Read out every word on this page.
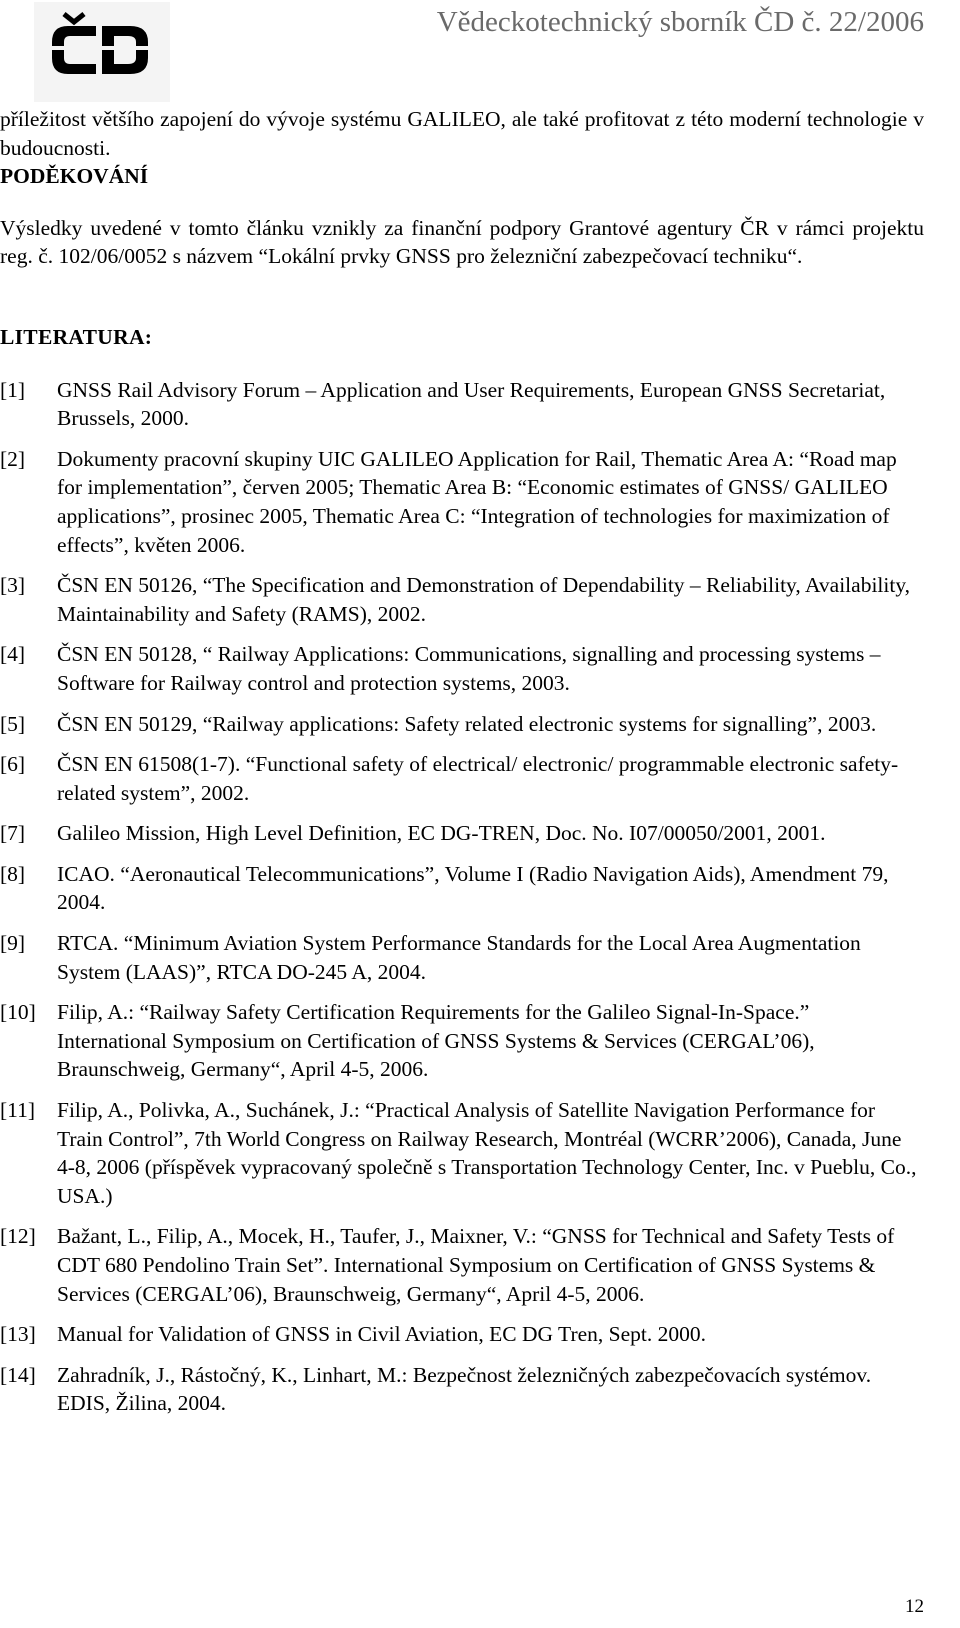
Vědeckotechnický sborník ČD č. 22/2006

příležitost většího zapojení do vývoje systému GALILEO, ale také profitovat z této moderní technologie v budoucnosti.

PODĚKOVÁNÍ

Výsledky uvedené v tomto článku vznikly za finanční podpory Grantové agentury ČR v rámci projektu reg. č. 102/06/0052 s názvem “Lokální prvky GNSS pro železniční zabezpečovací techniku“.

LITERATURA:

[1] GNSS Rail Advisory Forum – Application and User Requirements, European GNSS Secretariat, Brussels, 2000.
[2] Dokumenty pracovní skupiny UIC GALILEO Application for Rail, Thematic Area A: “Road map for implementation”, červen 2005; Thematic Area B: “Economic estimates of GNSS/ GALILEO applications”, prosinec 2005, Thematic Area C: “Integration of technologies for maximization of effects”, květen 2006.
[3] ČSN EN 50126, “The Specification and Demonstration of Dependability – Reliability, Availability, Maintainability and Safety (RAMS), 2002.
[4] ČSN EN 50128, “ Railway Applications: Communications, signalling and processing systems – Software for Railway control and protection systems, 2003.
[5] ČSN EN 50129, “Railway applications: Safety related electronic systems for signalling”, 2003.
[6] ČSN EN 61508(1-7). “Functional safety of electrical/ electronic/ programmable electronic safety-related system”, 2002.
[7] Galileo Mission, High Level Definition, EC DG-TREN, Doc. No. I07/00050/2001, 2001.
[8] ICAO. “Aeronautical Telecommunications”, Volume I (Radio Navigation Aids), Amendment 79, 2004.
[9] RTCA. “Minimum Aviation System Performance Standards for the Local Area Augmentation System (LAAS)”, RTCA DO-245 A, 2004.
[10] Filip, A.: “Railway Safety Certification Requirements for the Galileo Signal-In-Space.” International Symposium on Certification of GNSS Systems & Services (CERGAL’06), Braunschweig, Germany“, April 4-5, 2006.
[11] Filip, A., Polivka, A., Suchánek, J.: “Practical Analysis of Satellite Navigation Performance for Train Control”, 7th World Congress on Railway Research, Montréal (WCRR’2006), Canada, June 4-8, 2006 (příspěvek vypracovaný společně s Transportation Technology Center, Inc. v Pueblu, Co., USA.)
[12] Bažant, L., Filip, A., Mocek, H., Taufer, J., Maixner, V.: “GNSS for Technical and Safety Tests of CDT 680 Pendolino Train Set”. International Symposium on Certification of GNSS Systems & Services (CERGAL’06), Braunschweig, Germany“, April 4-5, 2006.
[13] Manual for Validation of GNSS in Civil Aviation, EC DG Tren, Sept. 2000.
[14] Zahradník, J., Rástočný, K., Linhart, M.: Bezpečnost železničných zabezpečovacích systémov. EDIS, Žilina, 2004.
12
